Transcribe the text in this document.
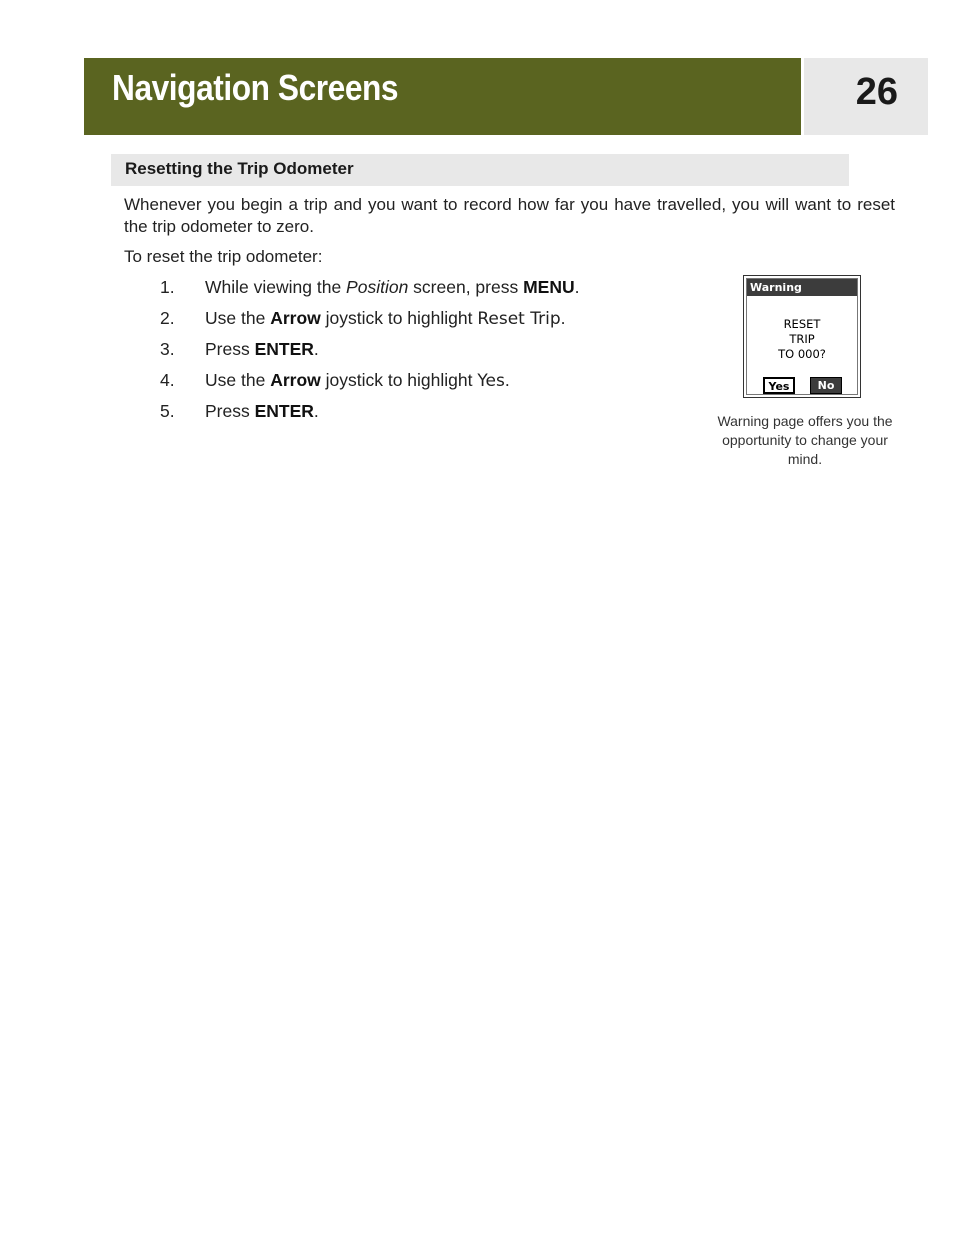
Navigation Screens	26
Resetting the Trip Odometer

Whenever you begin a trip and you want to record how far you have travelled, you will want to reset the trip odometer to zero.

To reset the trip odometer:

1. While viewing the Position screen, press MENU.
2. Use the Arrow joystick to highlight Reset Trip.
3. Press ENTER.
4. Use the Arrow joystick to highlight Yes.
5. Press ENTER.
Warning
RESET
TRIP
TO 000?
Yes	No

Warning page offers you the opportunity to change your mind.
